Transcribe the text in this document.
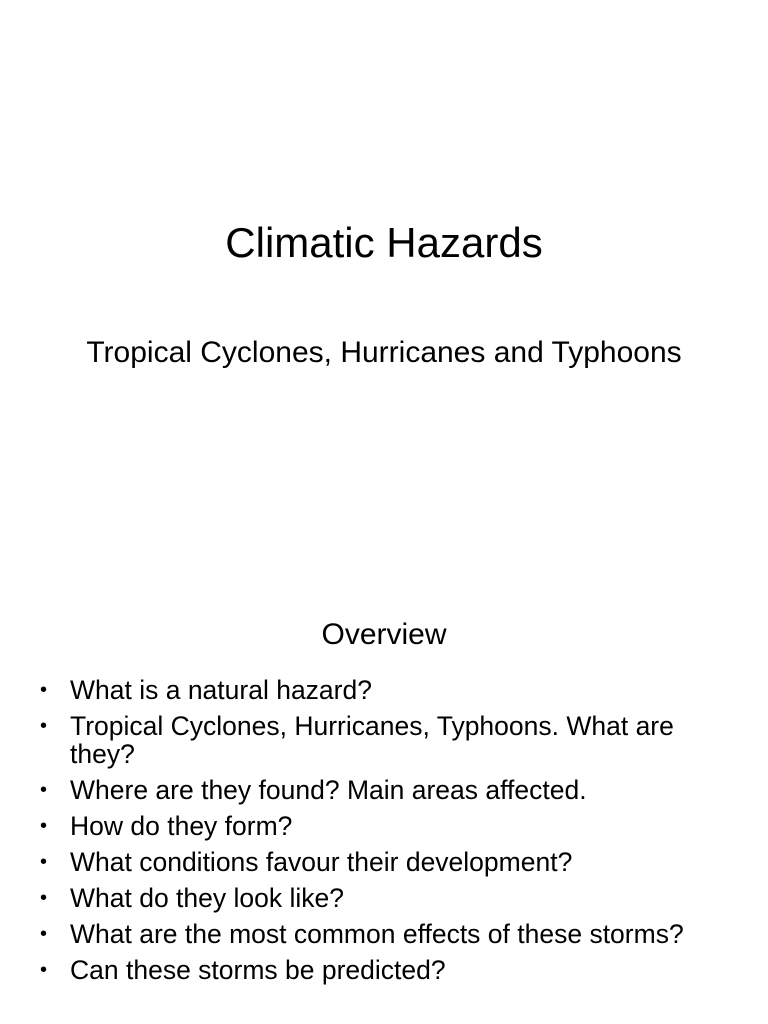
Climatic Hazards

Tropical Cyclones, Hurricanes and Typhoons

Overview
• What is a natural hazard?
• Tropical Cyclones, Hurricanes, Typhoons. What are they?
• Where are they found? Main areas affected.
• How do they form?
• What conditions favour their development?
• What do they look like?
• What are the most common effects of these storms?
• Can these storms be predicted?
